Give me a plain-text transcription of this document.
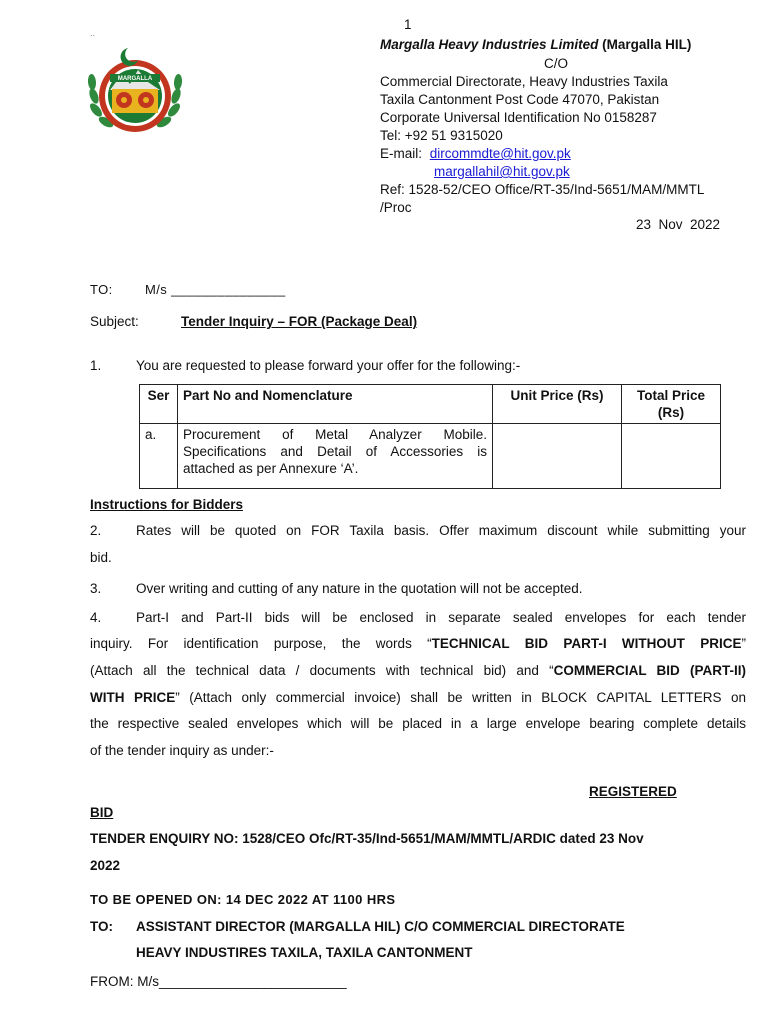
1
..
MARGALLA
Margalla Heavy Industries Limited (Margalla HIL)
C/O
Commercial Directorate, Heavy Industries Taxila
Taxila Cantonment Post Code 47070, Pakistan
Corporate Universal Identification No 0158287
Tel: +92 51 9315020
E-mail: dircommdte@hit.gov.pk
margallahil@hit.gov.pk
Ref: 1528-52/CEO Office/RT-35/Ind-5651/MAM/MMTL
/Proc
23  Nov  2022
TO: M/s _______________
Subject:	Tender Inquiry – FOR (Package Deal)
1.	You are requested to please forward your offer for the following:-
Ser	Part No and Nomenclature	Unit Price (Rs)	Total Price (Rs)
a.	Procurement of Metal Analyzer Mobile.
Specifications and Detail of Accessories is
attached as per Annexure ‘A’.		

Instructions for Bidders
2.	Rates will be quoted on FOR Taxila basis. Offer maximum discount while submitting your
bid.
3.	Over writing and cutting of any nature in the quotation will not be accepted.
4.	Part-I and Part-II bids will be enclosed in separate sealed envelopes for each tender
inquiry. For identification purpose, the words “TECHNICAL BID PART-I WITHOUT PRICE”
(Attach all the technical data / documents with technical bid) and “COMMERCIAL BID (PART-II)
WITH PRICE” (Attach only commercial invoice) shall be written in BLOCK CAPITAL LETTERS on
the respective sealed envelopes which will be placed in a large envelope bearing complete details
of the tender inquiry as under:-
REGISTERED
BID
TENDER ENQUIRY NO: 1528/CEO Ofc/RT-35/Ind-5651/MAM/MMTL/ARDIC dated 23 Nov
2022
TO BE OPENED ON: 14 DEC 2022 AT 1100 HRS
TO: ASSISTANT DIRECTOR (MARGALLA HIL) C/O COMMERCIAL DIRECTORATE
HEAVY INDUSTIRES TAXILA, TAXILA CANTONMENT
FROM: M/s_________________________
